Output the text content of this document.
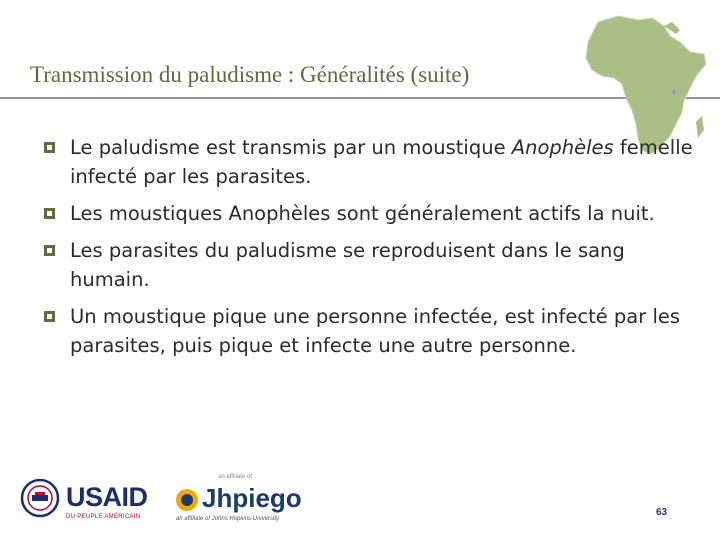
Transmission du paludisme : Généralités (suite)
Le paludisme est transmis par un moustique Anophèles femelle infecté par les parasites.
Les moustiques Anophèles sont généralement actifs la nuit.
Les parasites du paludisme se reproduisent dans le sang humain.
Un moustique pique une personne infectée, est infecté par les parasites, puis pique et infecte une autre personne.
USAID
DU PEUPLE AMÉRICAIN
an affiliate of
Jhpiego
an affiliate of Johns Hopkins University
63
